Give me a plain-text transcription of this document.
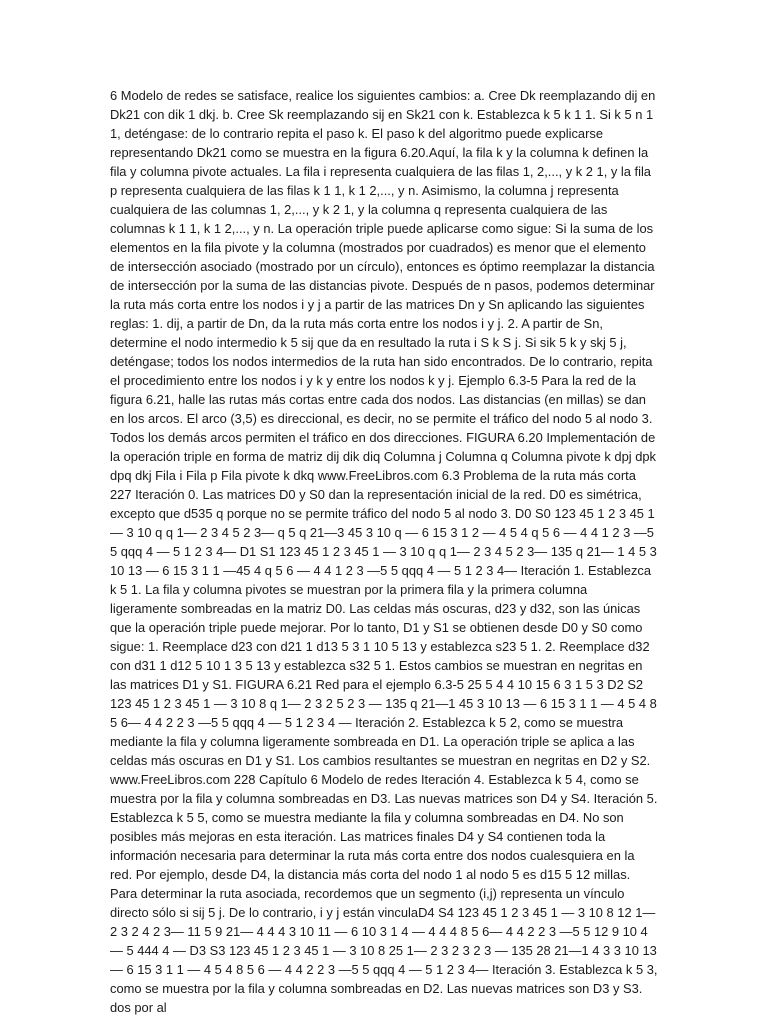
6 Modelo de redes se satisface, realice los siguientes cambios: a. Cree Dk reemplazando dij en Dk21 con dik 1 dkj. b. Cree Sk reemplazando sij en Sk21 con k. Establezca k 5 k 1 1. Si k 5 n 1 1, deténgase: de lo contrario repita el paso k. El paso k del algoritmo puede explicarse representando Dk21 como se muestra en la figura 6.20.Aquí, la fila k y la columna k definen la fila y columna pivote actuales. La fila i representa cualquiera de las filas 1, 2,..., y k 2 1, y la fila p representa cualquiera de las filas k 1 1, k 1 2,..., y n. Asimismo, la columna j representa cualquiera de las columnas 1, 2,..., y k 2 1, y la columna q representa cualquiera de las columnas k 1 1, k 1 2,..., y n. La operación triple puede aplicarse como sigue: Si la suma de los elementos en la fila pivote y la columna (mostrados por cuadrados) es menor que el elemento de intersección asociado (mostrado por un círculo), entonces es óptimo reemplazar la distancia de intersección por la suma de las distancias pivote. Después de n pasos, podemos determinar la ruta más corta entre los nodos i y j a partir de las matrices Dn y Sn aplicando las siguientes reglas: 1. dij, a partir de Dn, da la ruta más corta entre los nodos i y j. 2. A partir de Sn, determine el nodo intermedio k 5 sij que da en resultado la ruta i S k S j. Si sik 5 k y skj 5 j, deténgase; todos los nodos intermedios de la ruta han sido encontrados. De lo contrario, repita el procedimiento entre los nodos i y k y entre los nodos k y j. Ejemplo 6.3-5 Para la red de la figura 6.21, halle las rutas más cortas entre cada dos nodos. Las distancias (en millas) se dan en los arcos. El arco (3,5) es direccional, es decir, no se permite el tráfico del nodo 5 al nodo 3. Todos los demás arcos permiten el tráfico en dos direcciones. FIGURA 6.20 Implementación de la operación triple en forma de matriz dij dik diq Columna j Columna q Columna pivote k dpj dpk dpq dkj Fila i Fila p Fila pivote k dkq www.FreeLibros.com 6.3 Problema de la ruta más corta 227 Iteración 0. Las matrices D0 y S0 dan la representación inicial de la red. D0 es simétrica, excepto que d535 q porque no se permite tráfico del nodo 5 al nodo 3. D0 S0 123 45 1 2 3 45 1 — 3 10 q q 1— 2 3 4 5 2 3— q 5 q 21—3 45 3 10 q — 6 15 3 1 2 — 4 5 4 q 5 6 — 4 4 1 2 3 —5 5 qqq 4 — 5 1 2 3 4— D1 S1 123 45 1 2 3 45 1 — 3 10 q q 1— 2 3 4 5 2 3— 135 q 21— 1 4 5 3 10 13 — 6 15 3 1 1 —45 4 q 5 6 — 4 4 1 2 3 —5 5 qqq 4 — 5 1 2 3 4— Iteración 1. Establezca k 5 1. La fila y columna pivotes se muestran por la primera fila y la primera columna ligeramente sombreadas en la matriz D0. Las celdas más oscuras, d23 y d32, son las únicas que la operación triple puede mejorar. Por lo tanto, D1 y S1 se obtienen desde D0 y S0 como sigue: 1. Reemplace d23 con d21 1 d13 5 3 1 10 5 13 y establezca s23 5 1. 2. Reemplace d32 con d31 1 d12 5 10 1 3 5 13 y establezca s32 5 1. Estos cambios se muestran en negritas en las matrices D1 y S1. FIGURA 6.21 Red para el ejemplo 6.3-5 25 5 4 4 10 15 6 3 1 5 3 D2 S2 123 45 1 2 3 45 1 — 3 10 8 q 1— 2 3 2 5 2 3 — 135 q 21—1 45 3 10 13 — 6 15 3 1 1 — 4 5 4 8 5 6— 4 4 2 2 3 —5 5 qqq 4 — 5 1 2 3 4 — Iteración 2. Establezca k 5 2, como se muestra mediante la fila y columna ligeramente sombreada en D1. La operación triple se aplica a las celdas más oscuras en D1 y S1. Los cambios resultantes se muestran en negritas en D2 y S2. www.FreeLibros.com 228 Capítulo 6 Modelo de redes Iteración 4. Establezca k 5 4, como se muestra por la fila y columna sombreadas en D3. Las nuevas matrices son D4 y S4. Iteración 5. Establezca k 5 5, como se muestra mediante la fila y columna sombreadas en D4. No son posibles más mejoras en esta iteración. Las matrices finales D4 y S4 contienen toda la información necesaria para determinar la ruta más corta entre dos nodos cualesquiera en la red. Por ejemplo, desde D4, la distancia más corta del nodo 1 al nodo 5 es d15 5 12 millas. Para determinar la ruta asociada, recordemos que un segmento (i,j) representa un vínculo directo sólo si sij 5 j. De lo contrario, i y j están vinculaD4 S4 123 45 1 2 3 45 1 — 3 10 8 12 1— 2 3 2 4 2 3— 11 5 9 21— 4 4 4 3 10 11 — 6 10 3 1 4 — 4 4 4 8 5 6— 4 4 2 2 3 —5 5 12 9 10 4— 5 444 4 — D3 S3 123 45 1 2 3 45 1 — 3 10 8 25 1— 2 3 2 3 2 3 — 135 28 21—1 4 3 3 10 13 — 6 15 3 1 1 — 4 5 4 8 5 6 — 4 4 2 2 3 —5 5 qqq 4 — 5 1 2 3 4— Iteración 3. Establezca k 5 3, como se muestra por la fila y columna sombreadas en D2. Las nuevas matrices son D3 y S3. dos por al
